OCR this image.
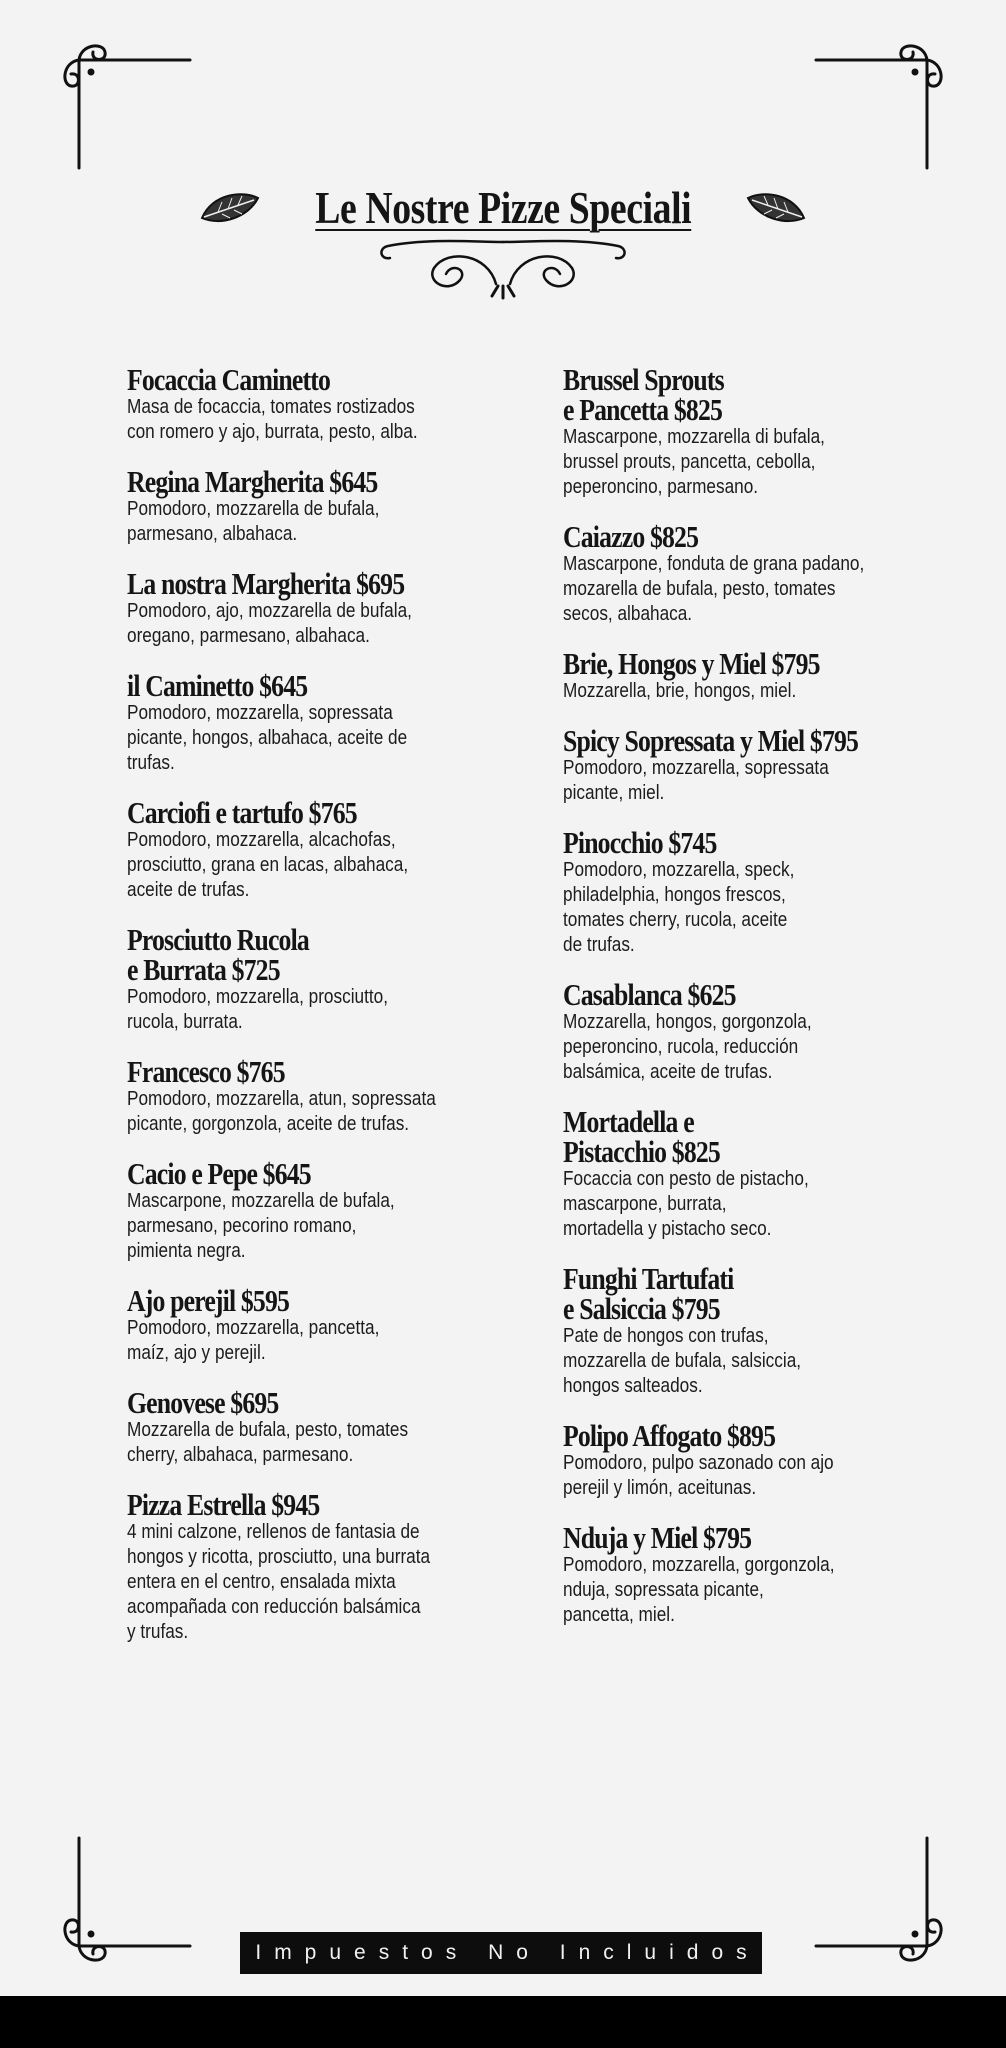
Le Nostre Pizze Speciali
Focaccia Caminetto
Masa de focaccia, tomates rostizados
con romero y ajo, burrata, pesto, alba.
Regina Margherita $645
Pomodoro, mozzarella de bufala,
parmesano, albahaca.
La nostra Margherita $695
Pomodoro, ajo, mozzarella de bufala,
oregano, parmesano, albahaca.
il Caminetto $645
Pomodoro, mozzarella, sopressata
picante, hongos, albahaca, aceite de
trufas.
Carciofi e tartufo $765
Pomodoro, mozzarella, alcachofas,
prosciutto, grana en lacas, albahaca,
aceite de trufas.
Prosciutto Rucola
e Burrata $725
Pomodoro, mozzarella, prosciutto,
rucola, burrata.
Francesco $765
Pomodoro, mozzarella, atun, sopressata
picante, gorgonzola, aceite de trufas.
Cacio e Pepe $645
Mascarpone, mozzarella de bufala,
parmesano, pecorino romano,
pimienta negra.
Ajo perejil $595
Pomodoro, mozzarella, pancetta,
maíz, ajo y perejil.
Genovese $695
Mozzarella de bufala, pesto, tomates
cherry, albahaca, parmesano.
Pizza Estrella $945
4 mini calzone, rellenos de fantasia de
hongos y ricotta, prosciutto, una burrata
entera en el centro, ensalada mixta
acompañada con reducción balsámica
y trufas.
Brussel Sprouts
e Pancetta $825
Mascarpone, mozzarella di bufala,
brussel prouts, pancetta, cebolla,
peperoncino, parmesano.
Caiazzo $825
Mascarpone, fonduta de grana padano,
mozarella de bufala, pesto, tomates
secos, albahaca.
Brie, Hongos y Miel $795
Mozzarella, brie, hongos, miel.
Spicy Sopressata y Miel $795
Pomodoro, mozzarella, sopressata
picante, miel.
Pinocchio $745
Pomodoro, mozzarella, speck,
philadelphia, hongos frescos,
tomates cherry, rucola, aceite
de trufas.
Casablanca $625
Mozzarella, hongos, gorgonzola,
peperoncino, rucola, reducción
balsámica, aceite de trufas.
Mortadella e
Pistacchio $825
Focaccia con pesto de pistacho,
mascarpone, burrata,
mortadella y pistacho seco.
Funghi Tartufati
e Salsiccia $795
Pate de hongos con trufas,
mozzarella de bufala, salsiccia,
hongos salteados.
Polipo Affogato $895
Pomodoro, pulpo sazonado con ajo
perejil y limón, aceitunas.
Nduja y Miel $795
Pomodoro, mozzarella, gorgonzola,
nduja, sopressata picante,
pancetta, miel.
Impuestos No Incluidos
